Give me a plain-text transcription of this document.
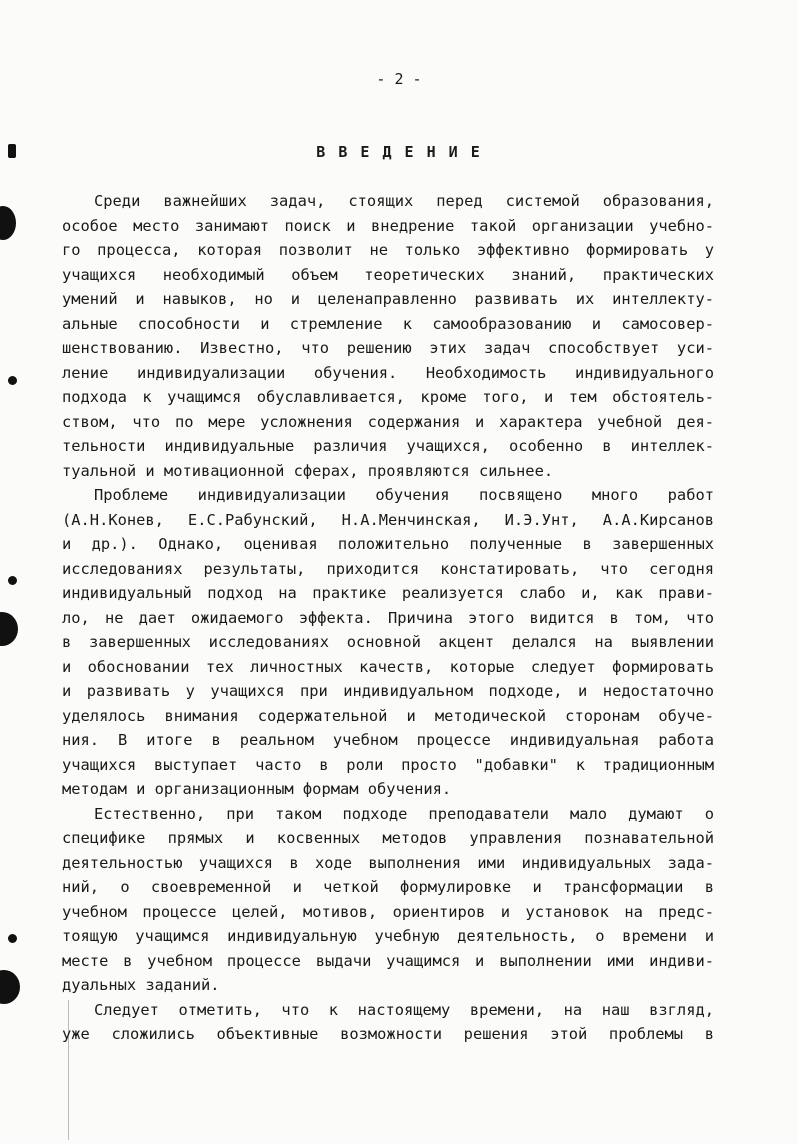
- 2 -
В В Е Д Е Н И Е
Среди важнейших задач, стоящих перед системой образования,
особое место занимают поиск и внедрение такой организации учебно-
го процесса, которая позволит не только эффективно формировать у
учащихся необходимый объем теоретических знаний, практических
умений и навыков, но и целенаправленно развивать их интеллекту-
альные способности и стремление к самообразованию и самосовер-
шенствованию. Известно, что решению этих задач способствует уси-
ление индивидуализации обучения. Необходимость индивидуального
подхода к учащимся обуславливается, кроме того, и тем обстоятель-
ством, что по мере усложнения содержания и характера учебной дея-
тельности индивидуальные различия учащихся, особенно в интеллек-
туальной и мотивационной сферах, проявляются сильнее.
Проблеме индивидуализации обучения посвящено много работ
(А.Н.Конев, Е.С.Рабунский, Н.А.Менчинская, И.Э.Унт, А.А.Кирсанов
и др.). Однако, оценивая положительно полученные в завершенных
исследованиях результаты, приходится констатировать, что сегодня
индивидуальный подход на практике реализуется слабо и, как прави-
ло, не дает ожидаемого эффекта. Причина этого видится в том, что
в завершенных исследованиях основной акцент делался на выявлении
и обосновании тех личностных качеств, которые следует формировать
и развивать у учащихся при индивидуальном подходе, и недостаточно
уделялось внимания содержательной и методической сторонам обуче-
ния. В итоге в реальном учебном процессе индивидуальная работа
учащихся выступает часто в роли просто "добавки" к традиционным
методам и организационным формам обучения.
Естественно, при таком подходе преподаватели мало думают о
специфике прямых и косвенных методов управления познавательной
деятельностью учащихся в ходе выполнения ими индивидуальных зада-
ний, о своевременной и четкой формулировке и трансформации в
учебном процессе целей, мотивов, ориентиров и установок на предс-
тоящую учащимся индивидуальную учебную деятельность, о времени и
месте в учебном процессе выдачи учащимся и выполнении ими индиви-
дуальных заданий.
Следует отметить, что к настоящему времени, на наш взгляд,
уже сложились объективные возможности решения этой проблемы в
